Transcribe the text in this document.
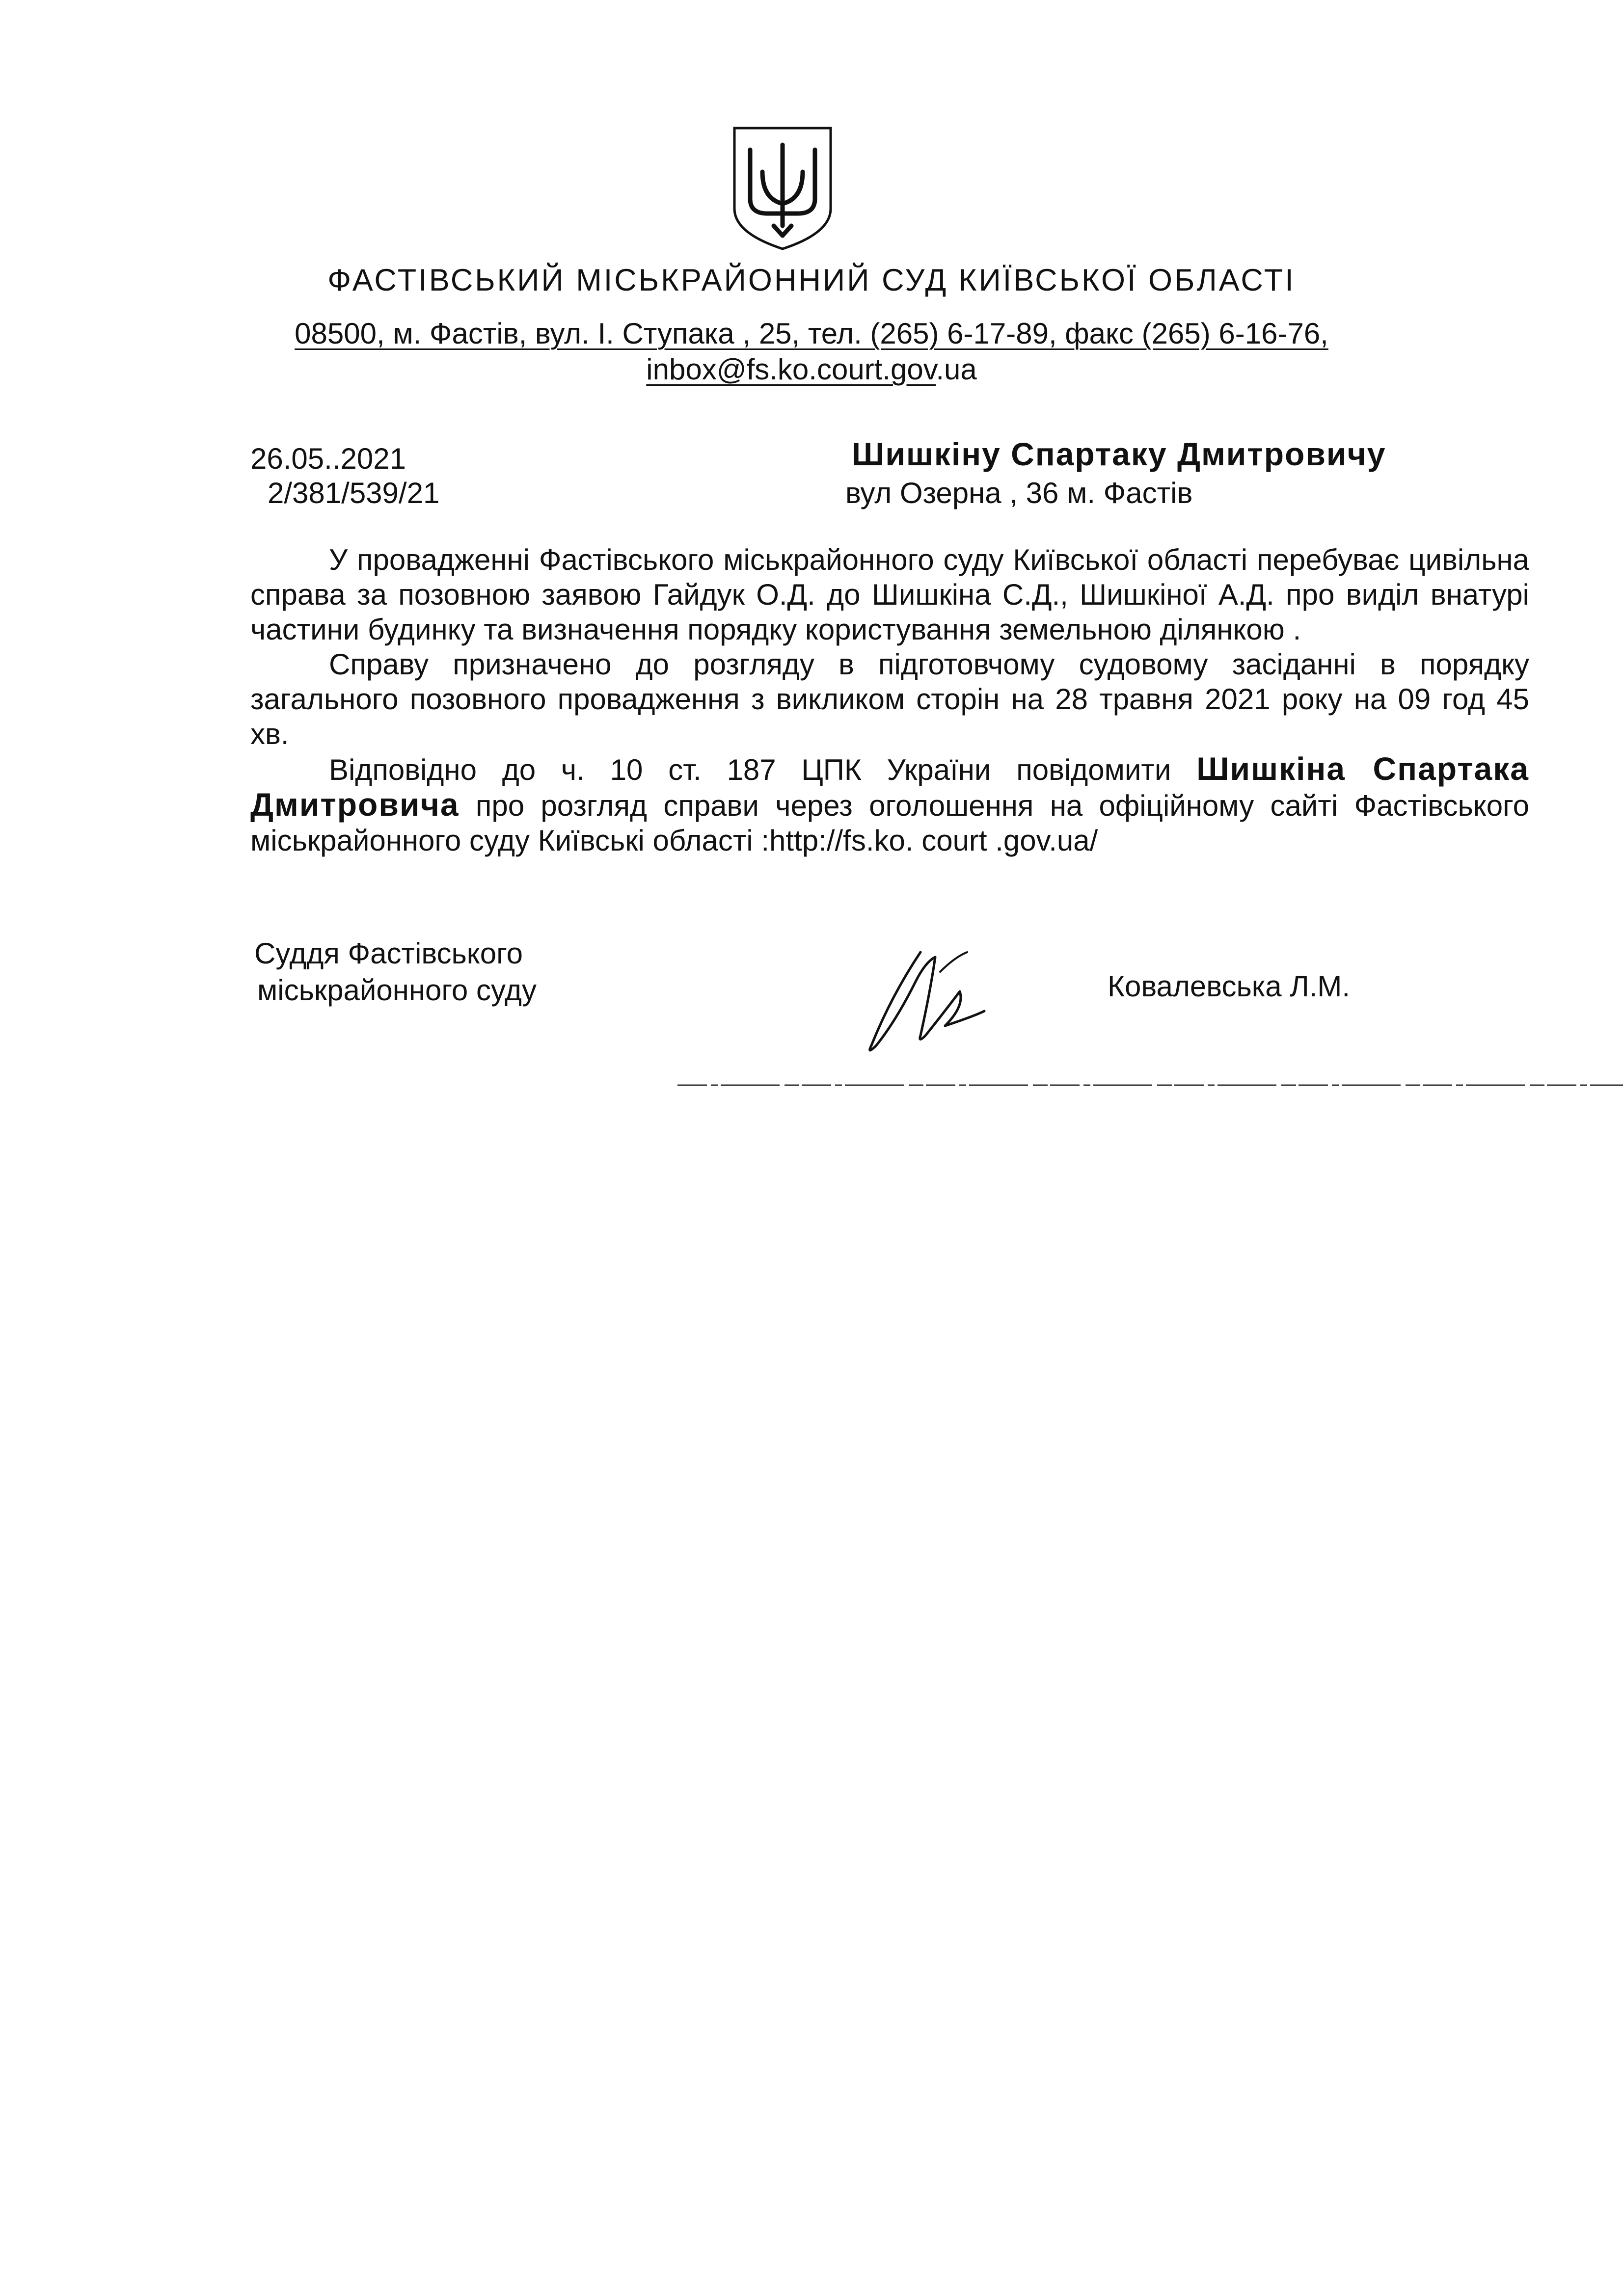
ФАСТІВСЬКИЙ МІСЬКРАЙОННИЙ СУД КИЇВСЬКОЇ ОБЛАСТІ
08500, м. Фастів, вул. І. Ступака , 25, тел. (265) 6-17-89, факс (265) 6-16-76,
inbox@fs.ko.court.gov.ua
26.05..2021
2/381/539/21
Шишкіну Спартаку Дмитровичу
вул Озерна , 36 м. Фастів

У провадженні Фастівського міськрайонного суду Київської області перебуває цивільна справа за позовною заявою Гайдук О.Д. до Шишкіна С.Д., Шишкіної А.Д. про виділ внатурі частини будинку та визначення порядку користування земельною ділянкою .

Справу призначено до розгляду в підготовчому судовому засіданні в порядку загального позовного провадження з викликом сторін на 28 травня 2021 року на 09 год 45 хв.

Відповідно до ч. 10 ст. 187 ЦПК України повідомити Шишкіна Спартака Дмитровича про розгляд справи через оголошення на офіційному сайті Фастівського міськрайонного суду Київські області :http://fs.ko. court .gov.ua/

Суддя Фастівського
міськрайонного суду	Ковалевська Л.М.
